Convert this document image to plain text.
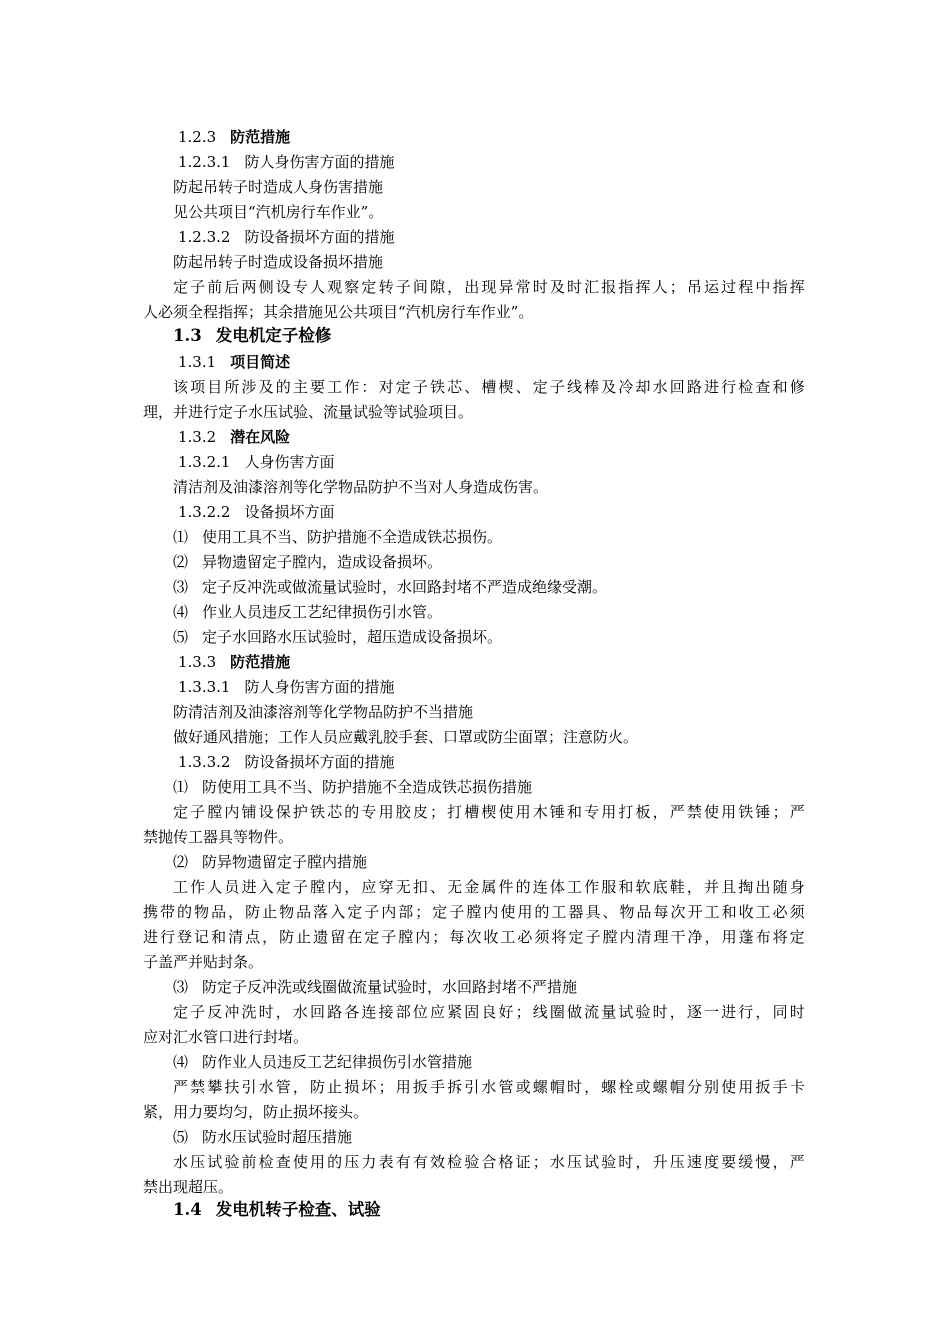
1.2.3 防范措施
1.2.3.1 防人身伤害方面的措施
防起吊转子时造成人身伤害措施
见公共项目“汽机房行车作业”。
1.2.3.2 防设备损坏方面的措施
防起吊转子时造成设备损坏措施
定子前后两侧设专人观察定转子间隙，出现异常时及时汇报指挥人；吊运过程中指挥
人必须全程指挥；其余措施见公共项目“汽机房行车作业”。
1.3 发电机定子检修
1.3.1 项目简述
该项目所涉及的主要工作：对定子铁芯、槽楔、定子线棒及冷却水回路进行检查和修
理，并进行定子水压试验、流量试验等试验项目。
1.3.2 潜在风险
1.3.2.1 人身伤害方面
清洁剂及油漆溶剂等化学物品防护不当对人身造成伤害。
1.3.2.2 设备损坏方面
⑴ 使用工具不当、防护措施不全造成铁芯损伤。
⑵ 异物遗留定子膛内，造成设备损坏。
⑶ 定子反冲洗或做流量试验时，水回路封堵不严造成绝缘受潮。
⑷ 作业人员违反工艺纪律损伤引水管。
⑸ 定子水回路水压试验时，超压造成设备损坏。
1.3.3 防范措施
1.3.3.1 防人身伤害方面的措施
防清洁剂及油漆溶剂等化学物品防护不当措施
做好通风措施；工作人员应戴乳胶手套、口罩或防尘面罩；注意防火。
1.3.3.2 防设备损坏方面的措施
⑴ 防使用工具不当、防护措施不全造成铁芯损伤措施
定子膛内铺设保护铁芯的专用胶皮；打槽楔使用木锤和专用打板，严禁使用铁锤；严
禁抛传工器具等物件。
⑵ 防异物遗留定子膛内措施
工作人员进入定子膛内，应穿无扣、无金属件的连体工作服和软底鞋，并且掏出随身
携带的物品，防止物品落入定子内部；定子膛内使用的工器具、物品每次开工和收工必须
进行登记和清点，防止遗留在定子膛内；每次收工必须将定子膛内清理干净，用蓬布将定
子盖严并贴封条。
⑶ 防定子反冲洗或线圈做流量试验时，水回路封堵不严措施
定子反冲洗时，水回路各连接部位应紧固良好；线圈做流量试验时，逐一进行，同时
应对汇水管口进行封堵。
⑷ 防作业人员违反工艺纪律损伤引水管措施
严禁攀扶引水管，防止损坏；用扳手拆引水管或螺帽时，螺栓或螺帽分别使用扳手卡
紧，用力要均匀，防止损坏接头。
⑸ 防水压试验时超压措施
水压试验前检查使用的压力表有有效检验合格证；水压试验时，升压速度要缓慢，严
禁出现超压。
1.4 发电机转子检查、试验
